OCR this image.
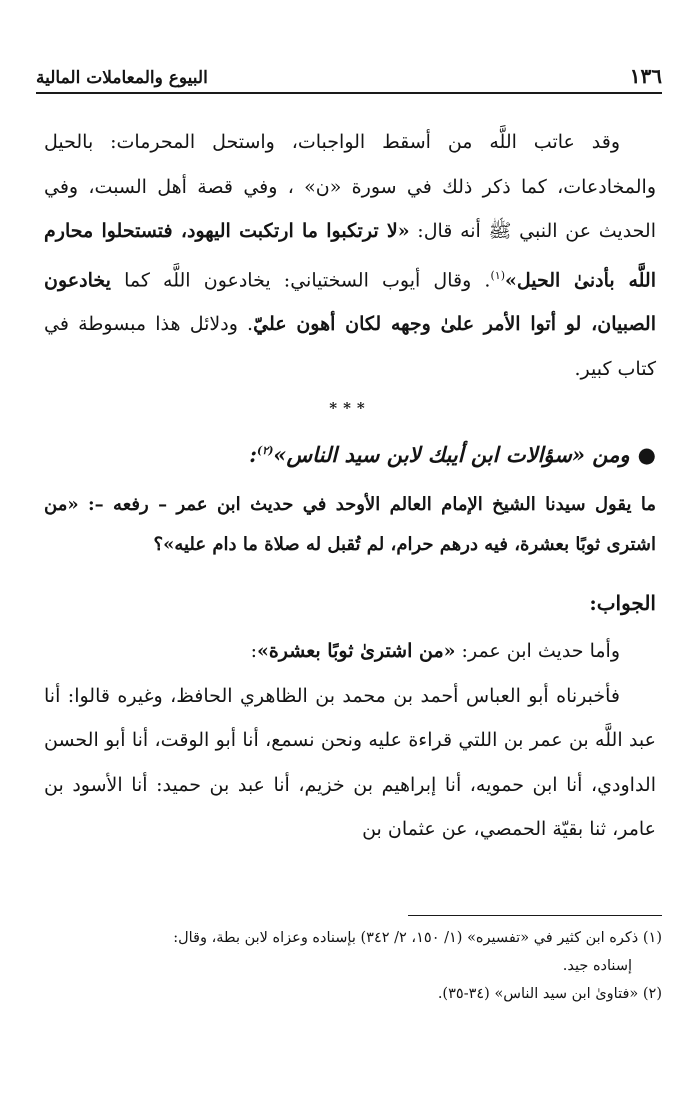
١٣٦
البيوع والمعاملات المالية

وقد عاتب اللَّه من أسقط الواجبات، واستحل المحرمات: بالحيل والمخادعات، كما ذكر ذلك في سورة «ن» ، وفي قصة أهل السبت، وفي الحديث عن النبي ﷺ أنه قال: «لا ترتكبوا ما ارتكبت اليهود، فتستحلوا محارم اللَّه بأدنىٰ الحيل»$^{(١)}$. وقال أيوب السختياني: يخادعون اللَّه كما يخادعون الصبيان، لو أتوا الأمر علىٰ وجهه لكان أهون عليّ. ودلائل هذا مبسوطة في كتاب كبير.

***

●ومن «سؤالات ابن أيبك لابن سيد الناس»$^{(٢)}$:

ما يقول سيدنا الشيخ الإمام العالم الأوحد في حديث ابن عمر – رفعه –: «من اشترى ثوبًا بعشرة، فيه درهم حرام، لم تُقبل له صلاة ما دام عليه»؟

الجواب:

وأما حديث ابن عمر: «من اشترىٰ ثوبًا بعشرة»:

فأخبرناه أبو العباس أحمد بن محمد بن الظاهري الحافظ، وغيره قالوا: أنا عبد اللَّه بن عمر بن اللتي قراءة عليه ونحن نسمع، أنا أبو الوقت، أنا أبو الحسن الداودي، أنا ابن حمويه، أنا إبراهيم بن خزيم، أنا عبد بن حميد: أنا الأسود بن عامر، ثنا بقيّة الحمصي، عن عثمان بن

(١) ذكره ابن كثير في «تفسيره» (١/ ١٥٠، ٢/ ٣٤٢) بإسناده وعزاه لابن بطة، وقال:

إسناده جيد.

(٢) «فتاوىٰ ابن سيد الناس» (٣٤-٣٥).
